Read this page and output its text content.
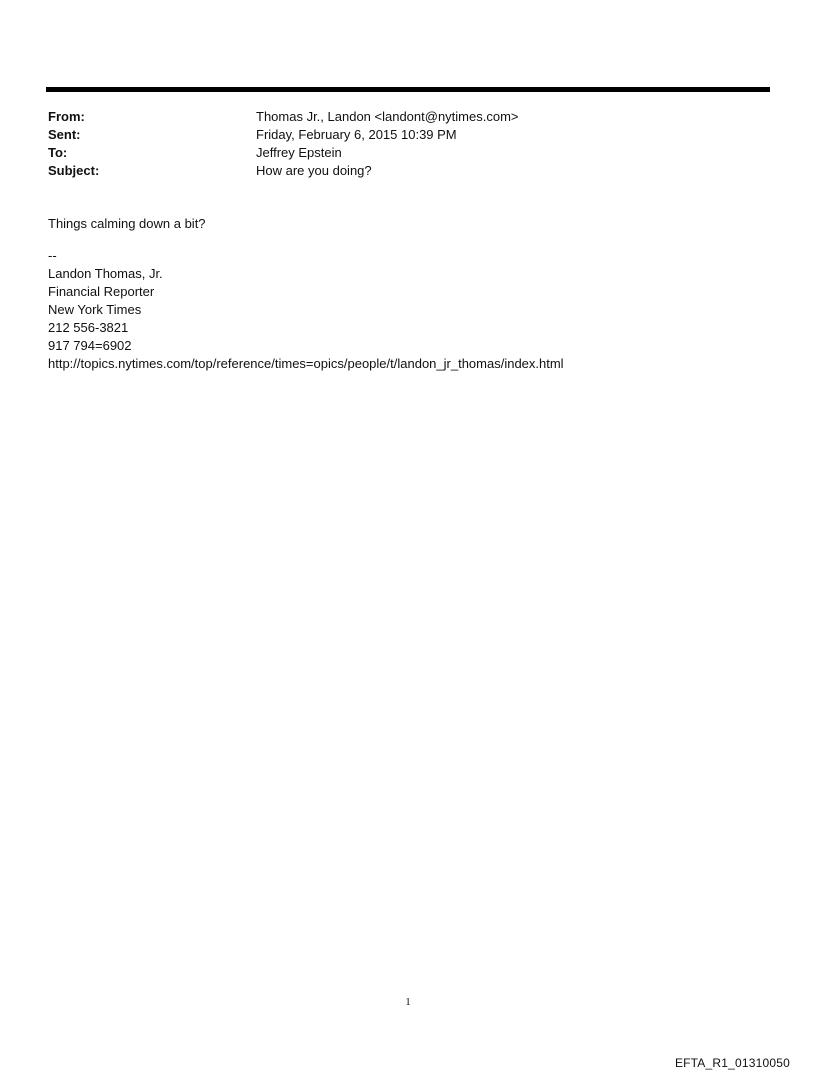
From:	Thomas Jr., Landon <landont@nytimes.com>
Sent:	Friday, February 6, 2015 10:39 PM
To:	Jeffrey Epstein
Subject:	How are you doing?

Things calming down a bit?

--
Landon Thomas, Jr.
Financial Reporter
New York Times
212 556-3821
917 794=6902
http://topics.nytimes.com/top/reference/times=opics/people/t/landon_jr_thomas/index.html
1
EFTA_R1_01310050
